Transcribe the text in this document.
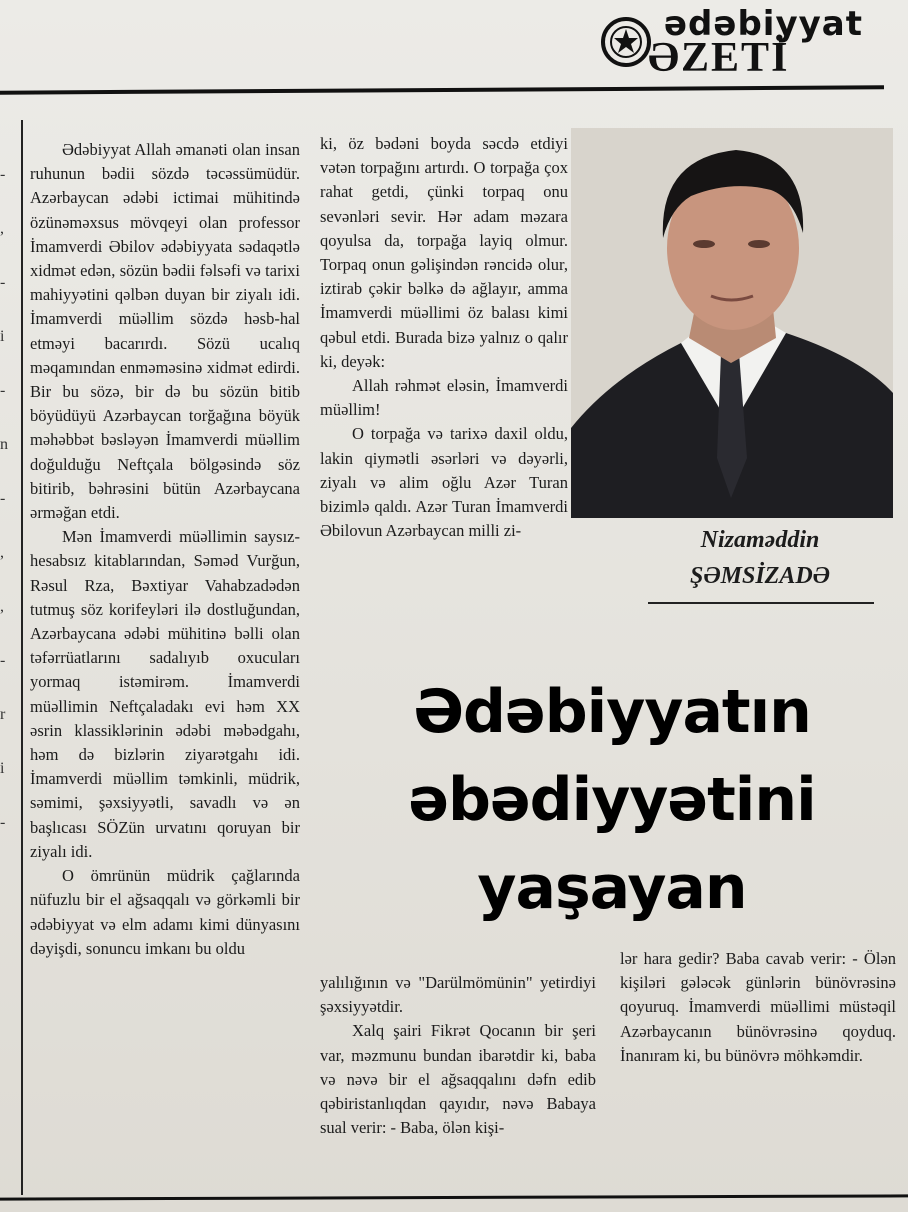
ədəbiyyat
ƏZETİ
-
,
-
i
-
n
-
,
,
-
r
i
-

Ədəbiyyat Allah əmanəti olan insan ruhunun bədii sözdə təcəssümüdür. Azərbaycan ədəbi ictimai mühitində özünəməxsus mövqeyi olan professor İmamverdi Əbilov ədəbiyyata sədaqətlə xidmət edən, sözün bədii fəlsəfi və tarixi mahiyyətini qəlbən duyan bir ziyalı idi. İmamverdi müəllim sözdə həsb-hal etməyi bacarırdı. Sözü ucalıq məqamından enməməsinə xidmət edirdi. Bir bu sözə, bir də bu sözün bitib böyüdüyü Azərbaycan torğağına böyük məhəbbət bəsləyən İmamverdi müəllim doğulduğu Neftçala bölgəsində söz bitirib, bəhrəsini bütün Azərbaycana ərməğan etdi.

Mən İmamverdi müəllimin saysız-hesabsız kitablarından, Səməd Vurğun, Rəsul Rza, Bəxtiyar Vahabzadədən tutmuş söz korifeyləri ilə dostluğundan, Azərbaycana ədəbi mühitinə bəlli olan təfərrüatlarını sadalıyıb oxucuları yormaq istəmirəm. İmamverdi müəllimin Neftçaladakı evi həm XX əsrin klassiklərinin ədəbi məbədgahı, həm də bizlərin ziyarətgahı idi. İmamverdi müəllim təmkinli, müdrik, səmimi, şəxsiyyətli, savadlı və ən başlıcası SÖZün urvatını qoruyan bir ziyalı idi.

O ömrünün müdrik çağlarında nüfuzlu bir el ağsaqqalı və görkəmli bir ədəbiyyat və elm adamı kimi dünyasını dəyişdi, sonuncu imkanı bu oldu

ki, öz bədəni boyda səcdə etdiyi vətən torpağını artırdı. O torpağa çox rahat getdi, çünki torpaq onu sevənləri sevir. Hər adam məzara qoyulsa da, torpağa layiq olmur. Torpaq onun gəlişindən rəncidə olur, iztirab çəkir bəlkə də ağlayır, amma İmamverdi müəllimi öz balası kimi qəbul etdi. Burada bizə yalnız o qalır ki, deyək:

Allah rəhmət eləsin, İmamverdi müəllim!

O torpağa və tarixə daxil oldu, lakin qiymətli əsərləri və dəyərli, ziyalı və alim oğlu Azər Turan bizimlə qaldı. Azər Turan İmamverdi Əbilovun Azərbaycan milli zi-	Nizaməddin
ŞƏMSİZADƏ
Ədəbiyyatın
əbədiyyətini
yaşayan

yalılığının və "Darülmömünin" yetirdiyi şəxsiyyətdir.

Xalq şairi Fikrət Qocanın bir şeri var, məzmunu bundan ibarətdir ki, baba və nəvə bir el ağsaqqalını dəfn edib qəbiristanlıqdan qayıdır, nəvə Babaya sual verir: - Baba, ölən kişi-

lər hara gedir? Baba cavab verir: - Ölən kişiləri gələcək günlərin bünövrəsinə qoyuruq. İmamverdi müəllimi müstəqil Azərbaycanın bünövrəsinə qoyduq. İnanıram ki, bu bünövrə möhkəmdir.
